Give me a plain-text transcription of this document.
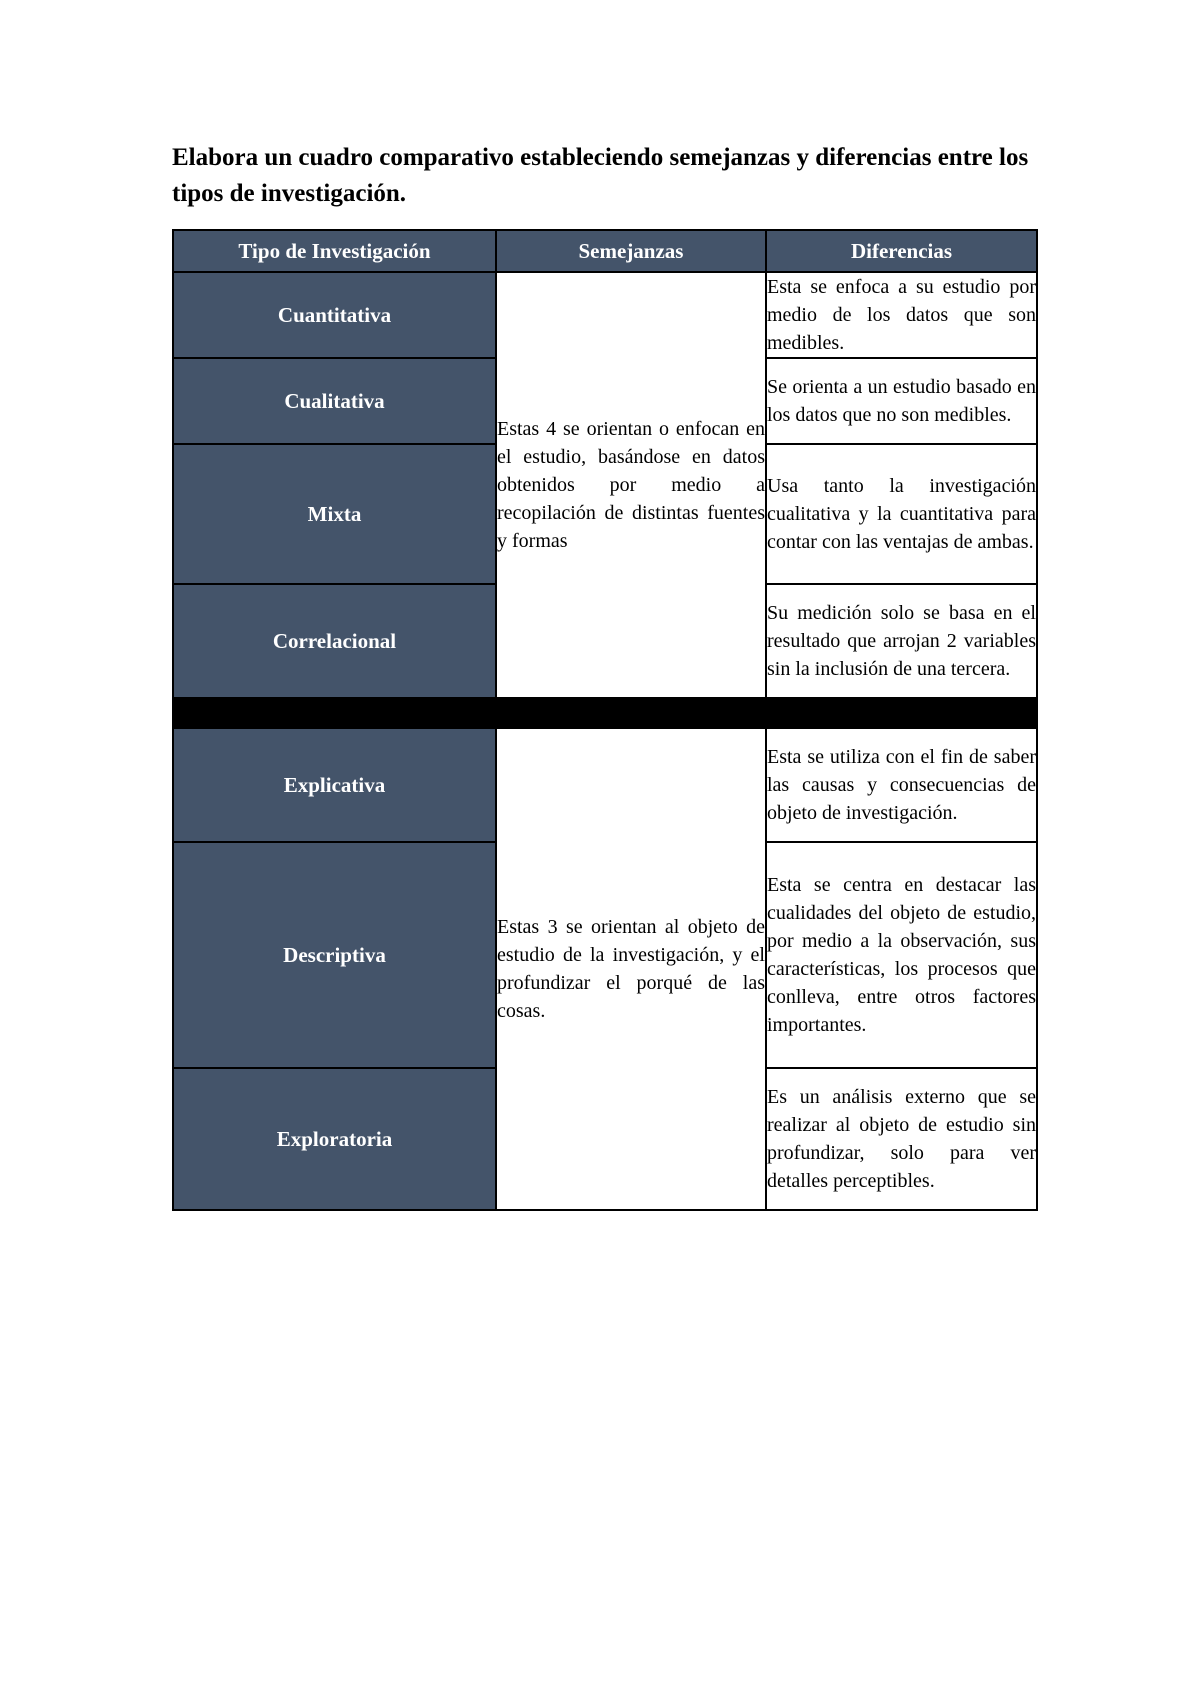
Elabora un cuadro comparativo estableciendo semejanzas y diferencias entre los tipos de investigación.
Tipo de Investigación	Semejanzas	Diferencias
Cuantitativa	Estas 4 se orientan o enfocan en el estudio, basándose en datos obtenidos por medio a recopilación de distintas fuentes y formas	Esta se enfoca a su estudio por medio de los datos que son medibles.
Cualitativa		Se orienta a un estudio basado en los datos que no son medibles.
Mixta		Usa tanto la investigación cualitativa y la cuantitativa para contar con las ventajas de ambas.
Correlacional		Su medición solo se basa en el resultado que arrojan 2 variables sin la inclusión de una tercera.

Explicativa	Estas 3 se orientan al objeto de estudio de la investigación, y el profundizar el porqué de las cosas.	Esta se utiliza con el fin de saber las causas y consecuencias de objeto de investigación.
Descriptiva		Esta se centra en destacar las cualidades del objeto de estudio, por medio a la observación, sus características, los procesos que conlleva, entre otros factores importantes.
Exploratoria		Es un análisis externo que se realizar al objeto de estudio sin profundizar, solo para ver detalles perceptibles.
